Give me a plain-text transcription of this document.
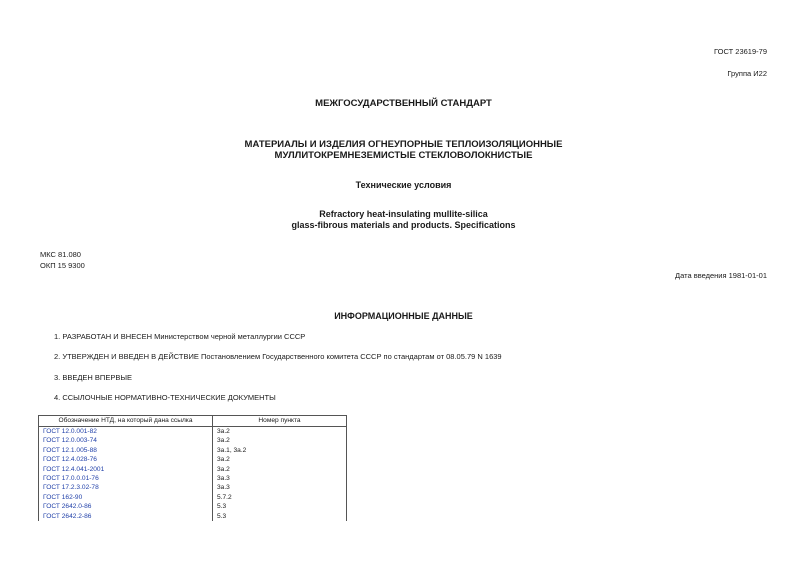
ГОСТ 23619-79
Группа И22
МЕЖГОСУДАРСТВЕННЫЙ СТАНДАРТ
МАТЕРИАЛЫ И ИЗДЕЛИЯ ОГНЕУПОРНЫЕ ТЕПЛОИЗОЛЯЦИОННЫЕ
МУЛЛИТОКРЕМНЕЗЕМИСТЫЕ СТЕКЛОВОЛОКНИСТЫЕ
Технические условия
Refractory heat-insulating mullite-silica
glass-fibrous materials and products. Specifications
МКС 81.080
ОКП 15 9300
Дата введения 1981-01-01
ИНФОРМАЦИОННЫЕ ДАННЫЕ
1. РАЗРАБОТАН И ВНЕСЕН Министерством черной металлургии СССР
2. УТВЕРЖДЕН И ВВЕДЕН В ДЕЙСТВИЕ Постановлением Государственного комитета СССР по стандартам от 08.05.79 N 1639
3. ВВЕДЕН ВПЕРВЫЕ
4. ССЫЛОЧНЫЕ НОРМАТИВНО-ТЕХНИЧЕСКИЕ ДОКУМЕНТЫ
Обозначение НТД, на который дана ссылка	Номер пункта
ГОСТ 12.0.001-82	3а.2
ГОСТ 12.0.003-74	3а.2
ГОСТ 12.1.005-88	3а.1, 3а.2
ГОСТ 12.4.028-76	3а.2
ГОСТ 12.4.041-2001	3а.2
ГОСТ 17.0.0.01-76	3а.3
ГОСТ 17.2.3.02-78	3а.3
ГОСТ 162-90	5.7.2
ГОСТ 2642.0-86	5.3
ГОСТ 2642.2-86	5.3
